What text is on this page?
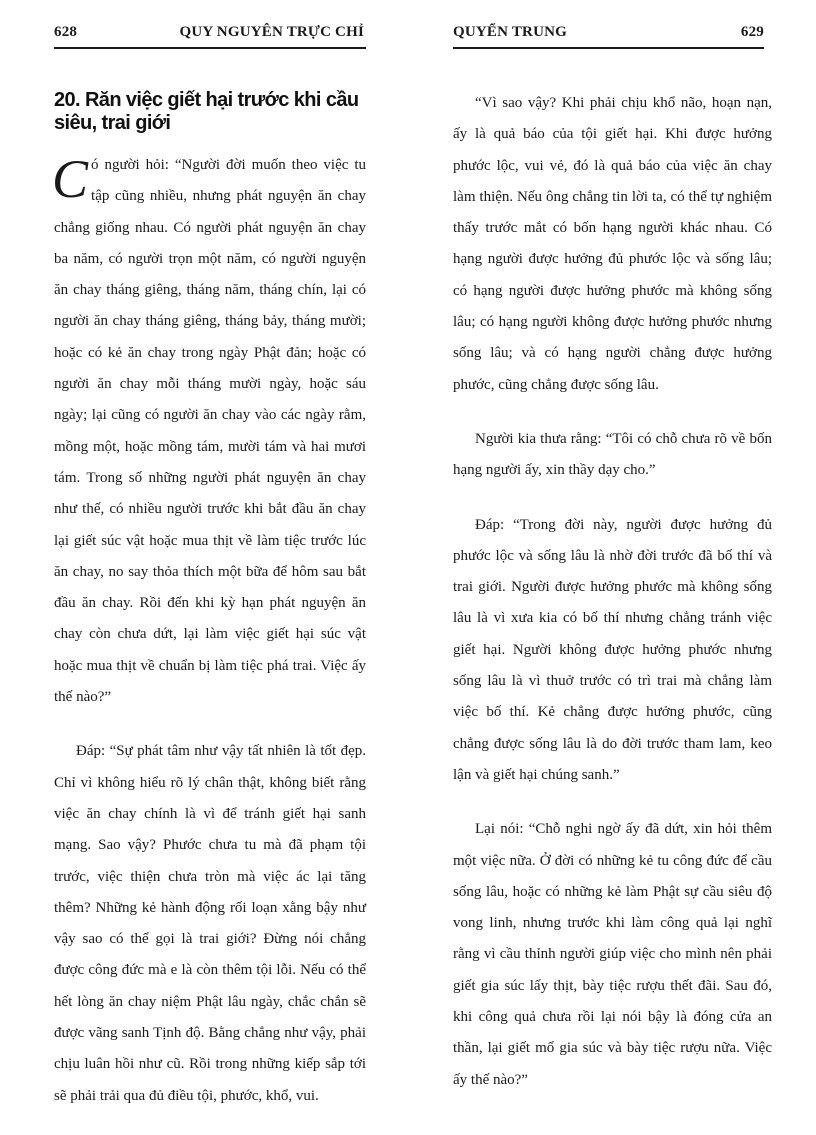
628	QUY NGUYÊN TRỰC CHỈ
20. Răn việc giết hại trước khi cầu siêu, trai giới

Có người hỏi: “Người đời muốn theo việc tu tập cũng nhiều, nhưng phát nguyện ăn chay chẳng giống nhau. Có người phát nguyện ăn chay ba năm, có người trọn một năm, có người nguyện ăn chay tháng giêng, tháng năm, tháng chín, lại có người ăn chay tháng giêng, tháng bảy, tháng mười; hoặc có kẻ ăn chay trong ngày Phật đản; hoặc có người ăn chay mỗi tháng mười ngày, hoặc sáu ngày; lại cũng có người ăn chay vào các ngày rằm, mồng một, hoặc mồng tám, mười tám và hai mươi tám. Trong số những người phát nguyện ăn chay như thế, có nhiều người trước khi bắt đầu ăn chay lại giết súc vật hoặc mua thịt về làm tiệc trước lúc ăn chay, no say thỏa thích một bữa để hôm sau bắt đầu ăn chay. Rồi đến khi kỳ hạn phát nguyện ăn chay còn chưa dứt, lại làm việc giết hại súc vật hoặc mua thịt về chuẩn bị làm tiệc phá trai. Việc ấy thế nào?”

Đáp: “Sự phát tâm như vậy tất nhiên là tốt đẹp. Chỉ vì không hiểu rõ lý chân thật, không biết rằng việc ăn chay chính là vì để tránh giết hại sanh mạng. Sao vậy? Phước chưa tu mà đã phạm tội trước, việc thiện chưa tròn mà việc ác lại tăng thêm? Những kẻ hành động rối loạn xằng bậy như vậy sao có thể gọi là trai giới? Đừng nói chẳng được công đức mà e là còn thêm tội lỗi. Nếu có thể hết lòng ăn chay niệm Phật lâu ngày, chắc chắn sẽ được vãng sanh Tịnh độ. Bằng chẳng như vậy, phải chịu luân hồi như cũ. Rồi trong những kiếp sắp tới sẽ phải trải qua đủ điều tội, phước, khổ, vui.

QUYỂN TRUNG	629

“Vì sao vậy? Khi phải chịu khổ não, hoạn nạn, ấy là quả báo của tội giết hại. Khi được hưởng phước lộc, vui vẻ, đó là quả báo của việc ăn chay làm thiện. Nếu ông chẳng tin lời ta, có thể tự nghiệm thấy trước mắt có bốn hạng người khác nhau. Có hạng người được hưởng đủ phước lộc và sống lâu; có hạng người được hưởng phước mà không sống lâu; có hạng người không được hưởng phước nhưng sống lâu; và có hạng người chẳng được hưởng phước, cũng chẳng được sống lâu.

Người kia thưa rằng: “Tôi có chỗ chưa rõ về bốn hạng người ấy, xin thầy dạy cho.”

Đáp: “Trong đời này, người được hưởng đủ phước lộc và sống lâu là nhờ đời trước đã bố thí và trai giới. Người được hưởng phước mà không sống lâu là vì xưa kia có bố thí nhưng chẳng tránh việc giết hại. Người không được hưởng phước nhưng sống lâu là vì thuở trước có trì trai mà chẳng làm việc bố thí. Kẻ chẳng được hưởng phước, cũng chẳng được sống lâu là do đời trước tham lam, keo lận và giết hại chúng sanh.”

Lại nói: “Chỗ nghi ngờ ấy đã dứt, xin hỏi thêm một việc nữa. Ở đời có những kẻ tu công đức để cầu sống lâu, hoặc có những kẻ làm Phật sự cầu siêu độ vong linh, nhưng trước khi làm công quả lại nghĩ rằng vì cầu thỉnh người giúp việc cho mình nên phải giết gia súc lấy thịt, bày tiệc rượu thết đãi. Sau đó, khi công quả chưa rồi lại nói bậy là đóng cửa an thần, lại giết mổ gia súc và bày tiệc rượu nữa. Việc ấy thế nào?”
